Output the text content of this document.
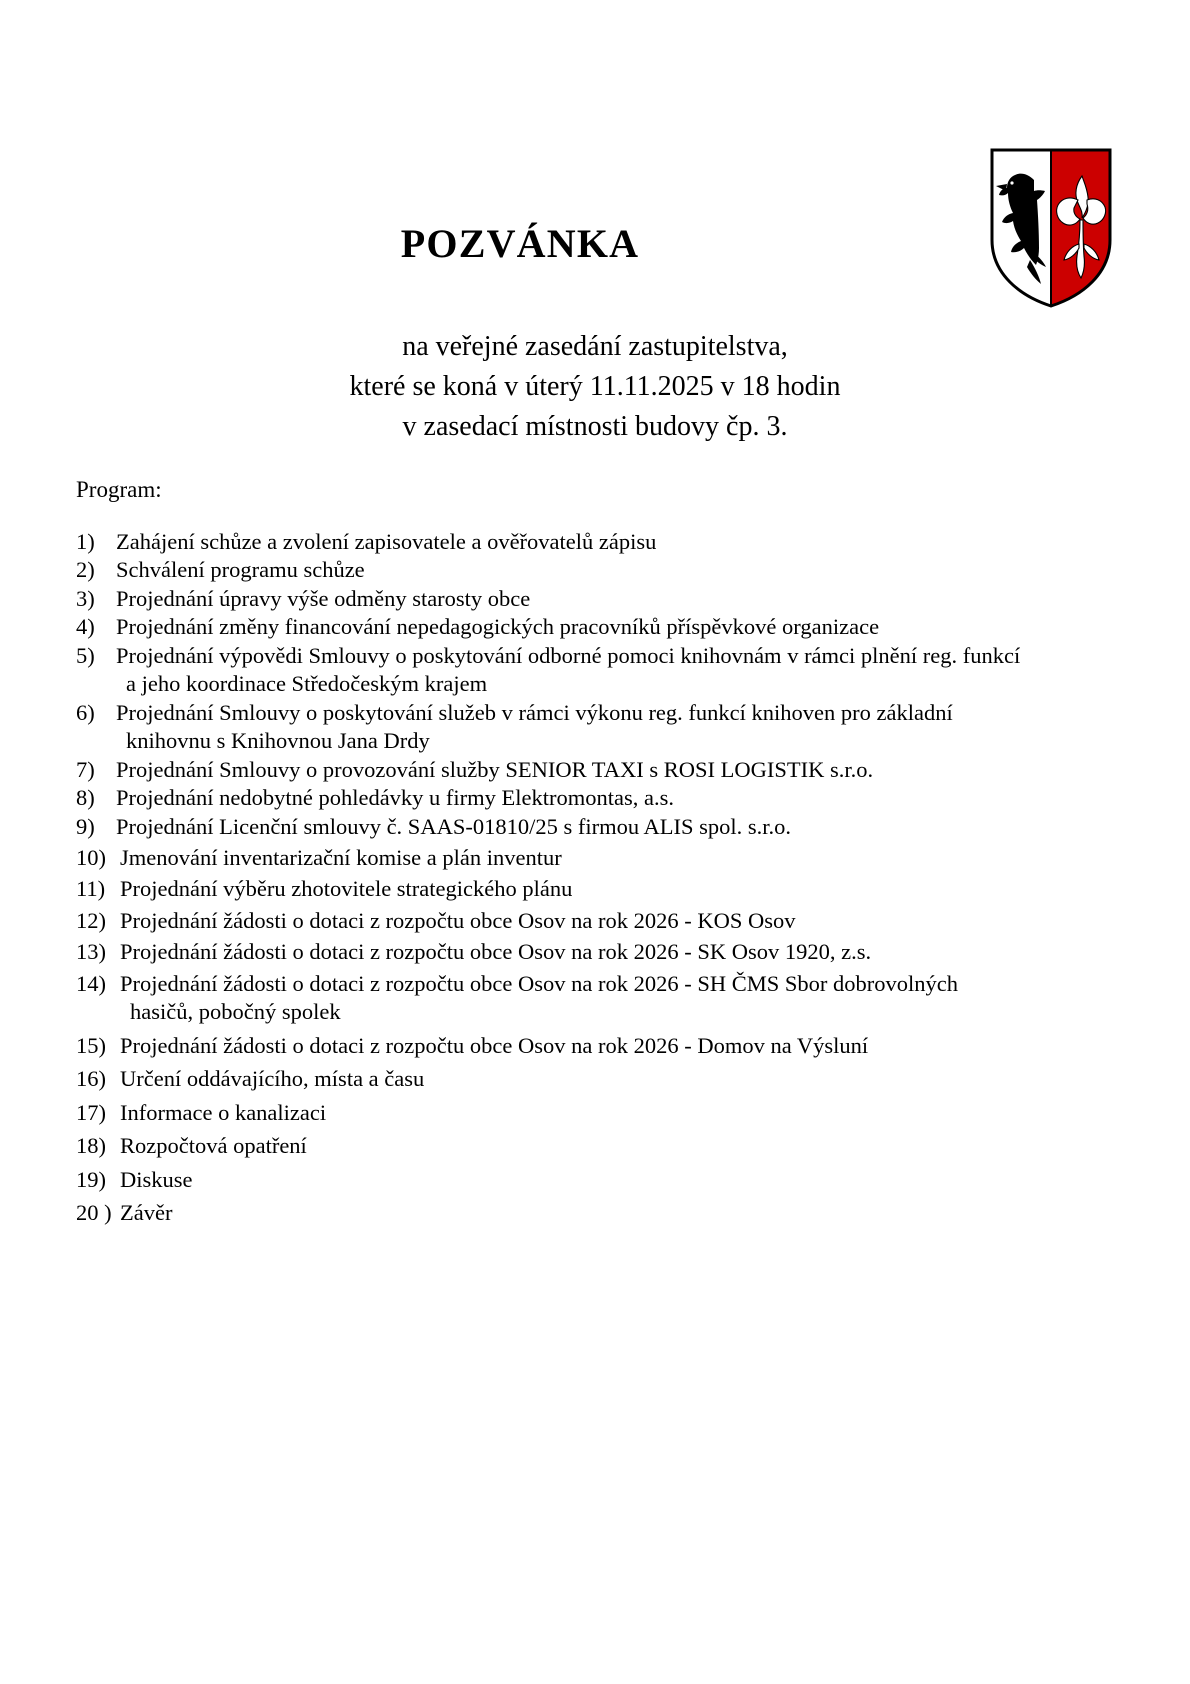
POZVÁNKA
na veřejné zasedání zastupitelstva,
které se koná v úterý 11.11.2025 v 18 hodin
v zasedací místnosti budovy čp. 3.
Program:
1) Zahájení schůze a zvolení zapisovatele a ověřovatelů zápisu
2) Schválení programu schůze
3) Projednání úpravy výše odměny starosty obce
4) Projednání změny financování nepedagogických pracovníků příspěvkové organizace
5) Projednání výpovědi Smlouvy o poskytování odborné pomoci knihovnám v rámci plnění reg. funkcí
a jeho koordinace Středočeským krajem
6) Projednání Smlouvy o poskytování služeb v rámci výkonu reg. funkcí knihoven pro základní
knihovnu s Knihovnou Jana Drdy
7) Projednání Smlouvy o provozování služby SENIOR TAXI s ROSI LOGISTIK s.r.o.
8) Projednání nedobytné pohledávky u firmy Elektromontas, a.s.
9) Projednání Licenční smlouvy č. SAAS-01810/25 s firmou ALIS spol. s.r.o.
10) Jmenování inventarizační komise a plán inventur
11) Projednání výběru zhotovitele strategického plánu
12) Projednání žádosti o dotaci z rozpočtu obce Osov na rok 2026 - KOS Osov
13) Projednání žádosti o dotaci z rozpočtu obce Osov na rok 2026 - SK Osov 1920, z.s.
14) Projednání žádosti o dotaci z rozpočtu obce Osov na rok 2026 - SH ČMS Sbor dobrovolných
hasičů, pobočný spolek
15) Projednání žádosti o dotaci z rozpočtu obce Osov na rok 2026 - Domov na Výsluní
16) Určení oddávajícího, místa a času
17) Informace o kanalizaci
18) Rozpočtová opatření
19) Diskuse
20 ) Závěr
